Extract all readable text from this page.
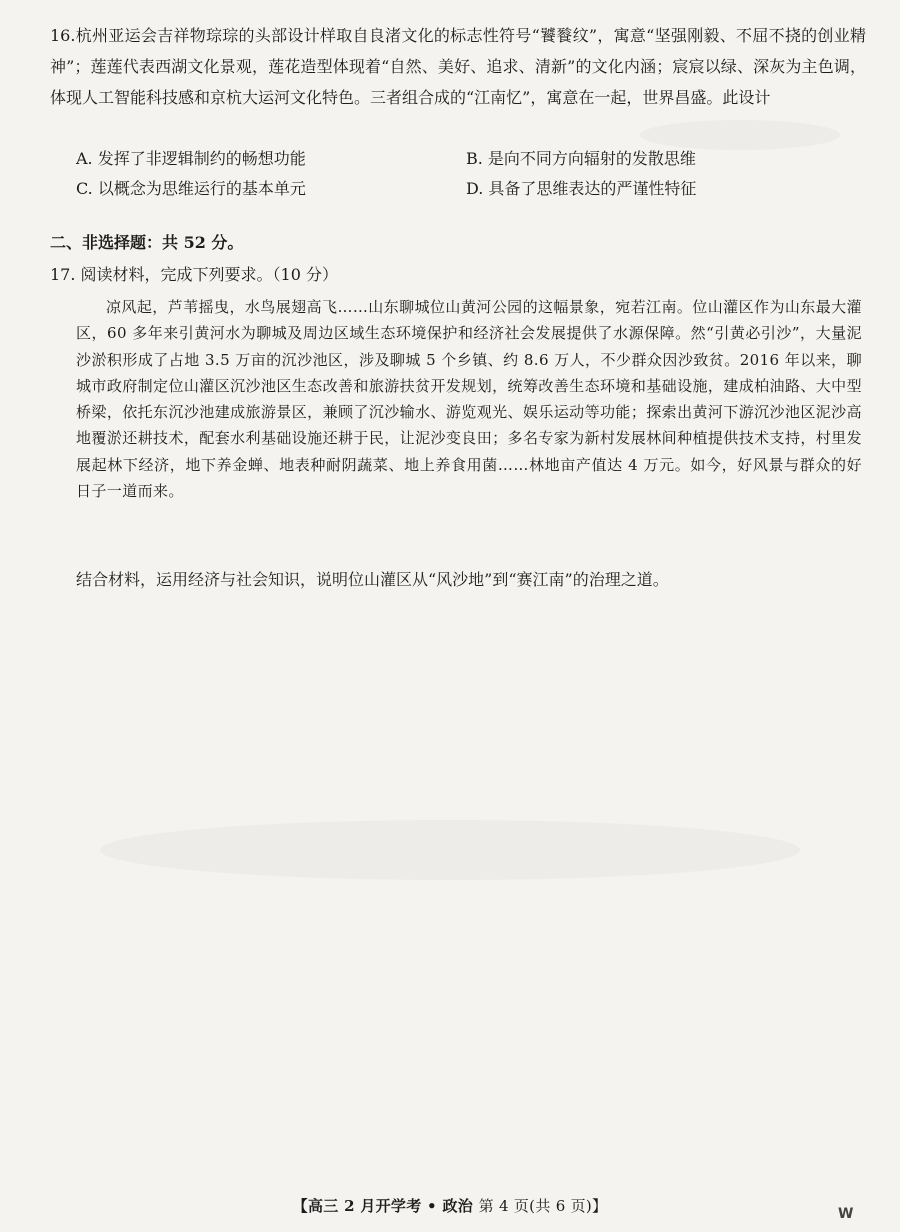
16.杭州亚运会吉祥物琮琮的头部设计样取自良渚文化的标志性符号“饕餮纹”，寓意“坚强刚毅、不屈不挠的创业精神”；莲莲代表西湖文化景观，莲花造型体现着“自然、美好、追求、清新”的文化内涵；宸宸以绿、深灰为主色调，体现人工智能科技感和京杭大运河文化特色。三者组合成的“江南忆”，寓意在一起，世界昌盛。此设计
A. 发挥了非逻辑制约的畅想功能	B. 是向不同方向辐射的发散思维
C. 以概念为思维运行的基本单元	D. 具备了思维表达的严谨性特征
二、非选择题：共 52 分。
17. 阅读材料，完成下列要求。（10 分）
凉风起，芦苇摇曳，水鸟展翅高飞……山东聊城位山黄河公园的这幅景象，宛若江南。位山灌区作为山东最大灌区，60 多年来引黄河水为聊城及周边区域生态环境保护和经济社会发展提供了水源保障。然“引黄必引沙”，大量泥沙淤积形成了占地 3.5 万亩的沉沙池区，涉及聊城 5 个乡镇、约 8.6 万人，不少群众因沙致贫。2016 年以来，聊城市政府制定位山灌区沉沙池区生态改善和旅游扶贫开发规划，统筹改善生态环境和基础设施，建成柏油路、大中型桥梁，依托东沉沙池建成旅游景区，兼顾了沉沙输水、游览观光、娱乐运动等功能；探索出黄河下游沉沙池区泥沙高地覆淤还耕技术，配套水利基础设施还耕于民，让泥沙变良田；多名专家为新村发展林间种植提供技术支持，村里发展起林下经济，地下养金蝉、地表种耐阴蔬菜、地上养食用菌……林地亩产值达 4 万元。如今，好风景与群众的好日子一道而来。
结合材料，运用经济与社会知识，说明位山灌区从“风沙地”到“赛江南”的治理之道。
【高三 2 月开学考 • 政治 第 4 页(共 6 页)】	W
